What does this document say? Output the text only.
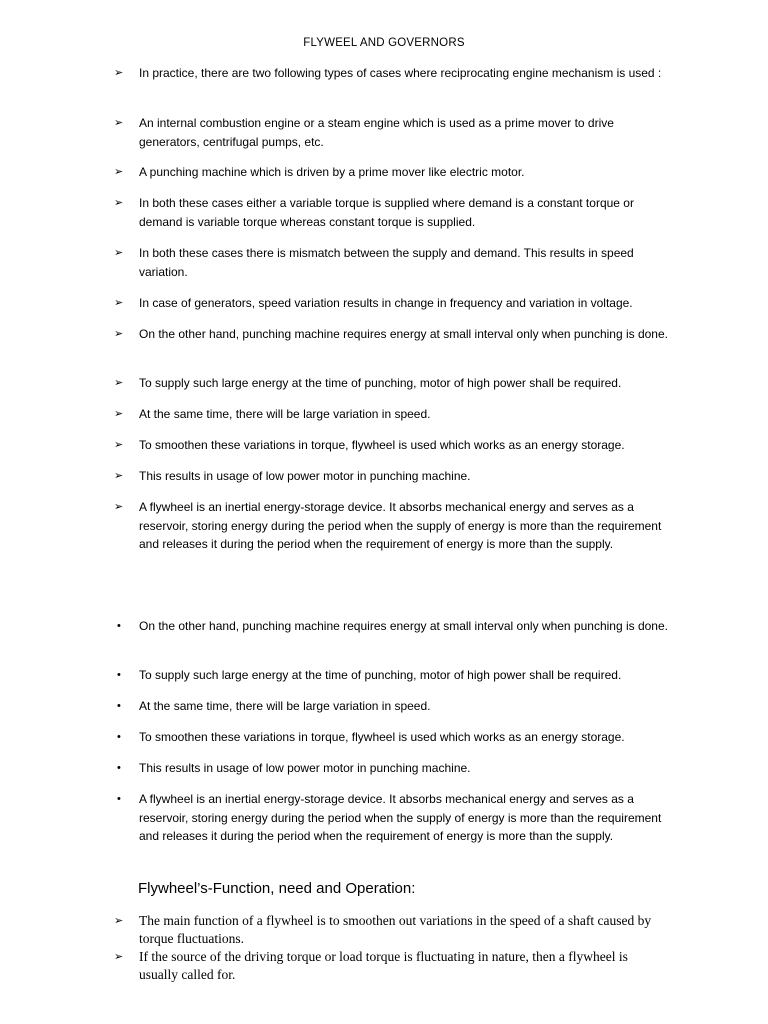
FLYWEEL AND GOVERNORS
➢ In practice, there are two following types of cases where reciprocating engine mechanism is used :
➢ An internal combustion engine or a steam engine which is used as a prime mover to drive generators, centrifugal pumps, etc.
➢ A punching machine which is driven by a prime mover like electric motor.
➢ In both these cases either a variable torque is supplied where demand is a constant torque or demand is variable torque whereas constant torque is supplied.
➢ In both these cases there is mismatch between the supply and demand. This results in speed variation.
➢ In case of generators, speed variation results in change in frequency and variation in voltage.
➢ On the other hand, punching machine requires energy at small interval only when punching is done.
➢ To supply such large energy at the time of punching, motor of high power shall be required.
➢ At the same time, there will be large variation in speed.
➢ To smoothen these variations in torque, flywheel is used which works as an energy storage.
➢ This results in usage of low power motor in punching machine.
➢ A flywheel is an inertial energy-storage device. It absorbs mechanical energy and serves as a reservoir, storing energy during the period when the supply of energy is more than the requirement and releases it during the period when the requirement of energy is more than the supply.
• On the other hand, punching machine requires energy at small interval only when punching is done.
• To supply such large energy at the time of punching, motor of high power shall be required.
• At the same time, there will be large variation in speed.
• To smoothen these variations in torque, flywheel is used which works as an energy storage.
• This results in usage of low power motor in punching machine.
• A flywheel is an inertial energy-storage device. It absorbs mechanical energy and serves as a reservoir, storing energy during the period when the supply of energy is more than the requirement and releases it during the period when the requirement of energy is more than the supply.
Flywheel’s-Function, need and Operation:
➢ The main function of a flywheel is to smoothen out variations in the speed of a shaft caused by torque fluctuations.
➢ If the source of the driving torque or load torque is fluctuating in nature, then a flywheel is usually called for.
